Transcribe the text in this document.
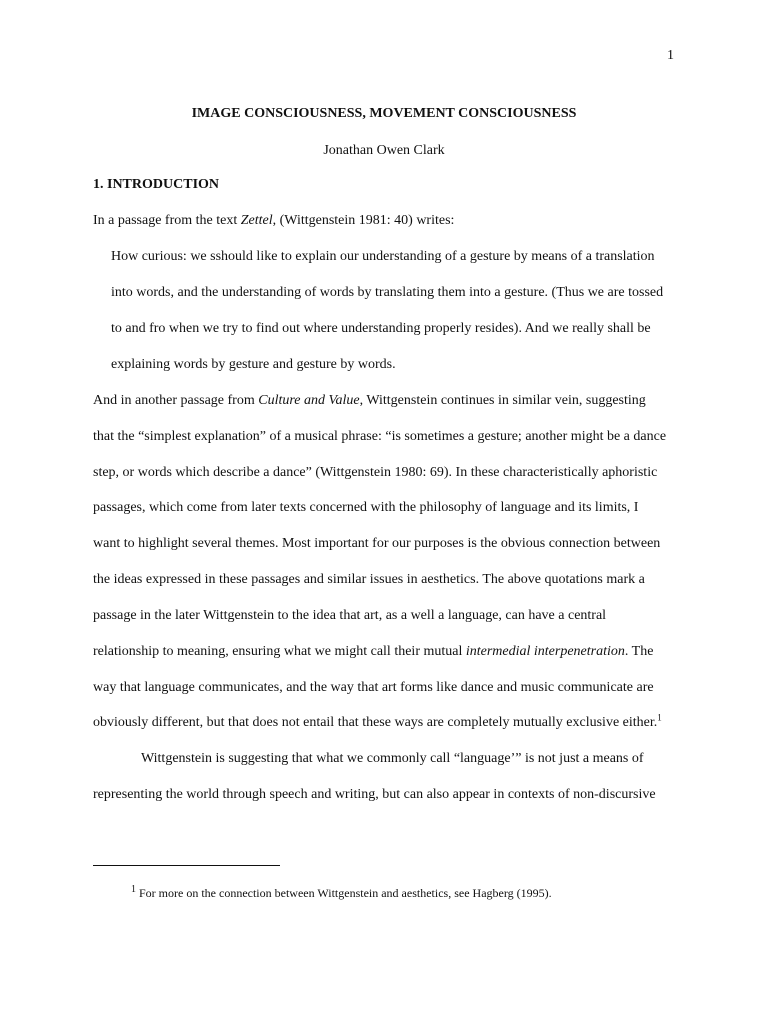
1
IMAGE CONSCIOUSNESS, MOVEMENT CONSCIOUSNESS
Jonathan Owen Clark
1. INTRODUCTION
In a passage from the text Zettel, (Wittgenstein 1981: 40) writes:
How curious: we sshould like to explain our understanding of a gesture by means of a translation
into words, and the understanding of words by translating them into a gesture. (Thus we are tossed
to and fro when we try to find out where understanding properly resides). And we really shall be
explaining words by gesture and gesture by words.
And in another passage from Culture and Value, Wittgenstein continues in similar vein, suggesting
that the “simplest explanation” of a musical phrase: “is sometimes a gesture; another might be a dance
step, or words which describe a dance” (Wittgenstein 1980: 69). In these characteristically aphoristic
passages, which come from later texts concerned with the philosophy of language and its limits, I
want to highlight several themes. Most important for our purposes is the obvious connection between
the ideas expressed in these passages and similar issues in aesthetics. The above quotations mark a
passage in the later Wittgenstein to the idea that art, as a well a language, can have a central
relationship to meaning, ensuring what we might call their mutual intermedial interpenetration. The
way that language communicates, and the way that art forms like dance and music communicate are
obviously different, but that does not entail that these ways are completely mutually exclusive either.$^1$
Wittgenstein is suggesting that what we commonly call “language’” is not just a means of
representing the world through speech and writing, but can also appear in contexts of non-discursive
$^1$ For more on the connection between Wittgenstein and aesthetics, see Hagberg (1995).
